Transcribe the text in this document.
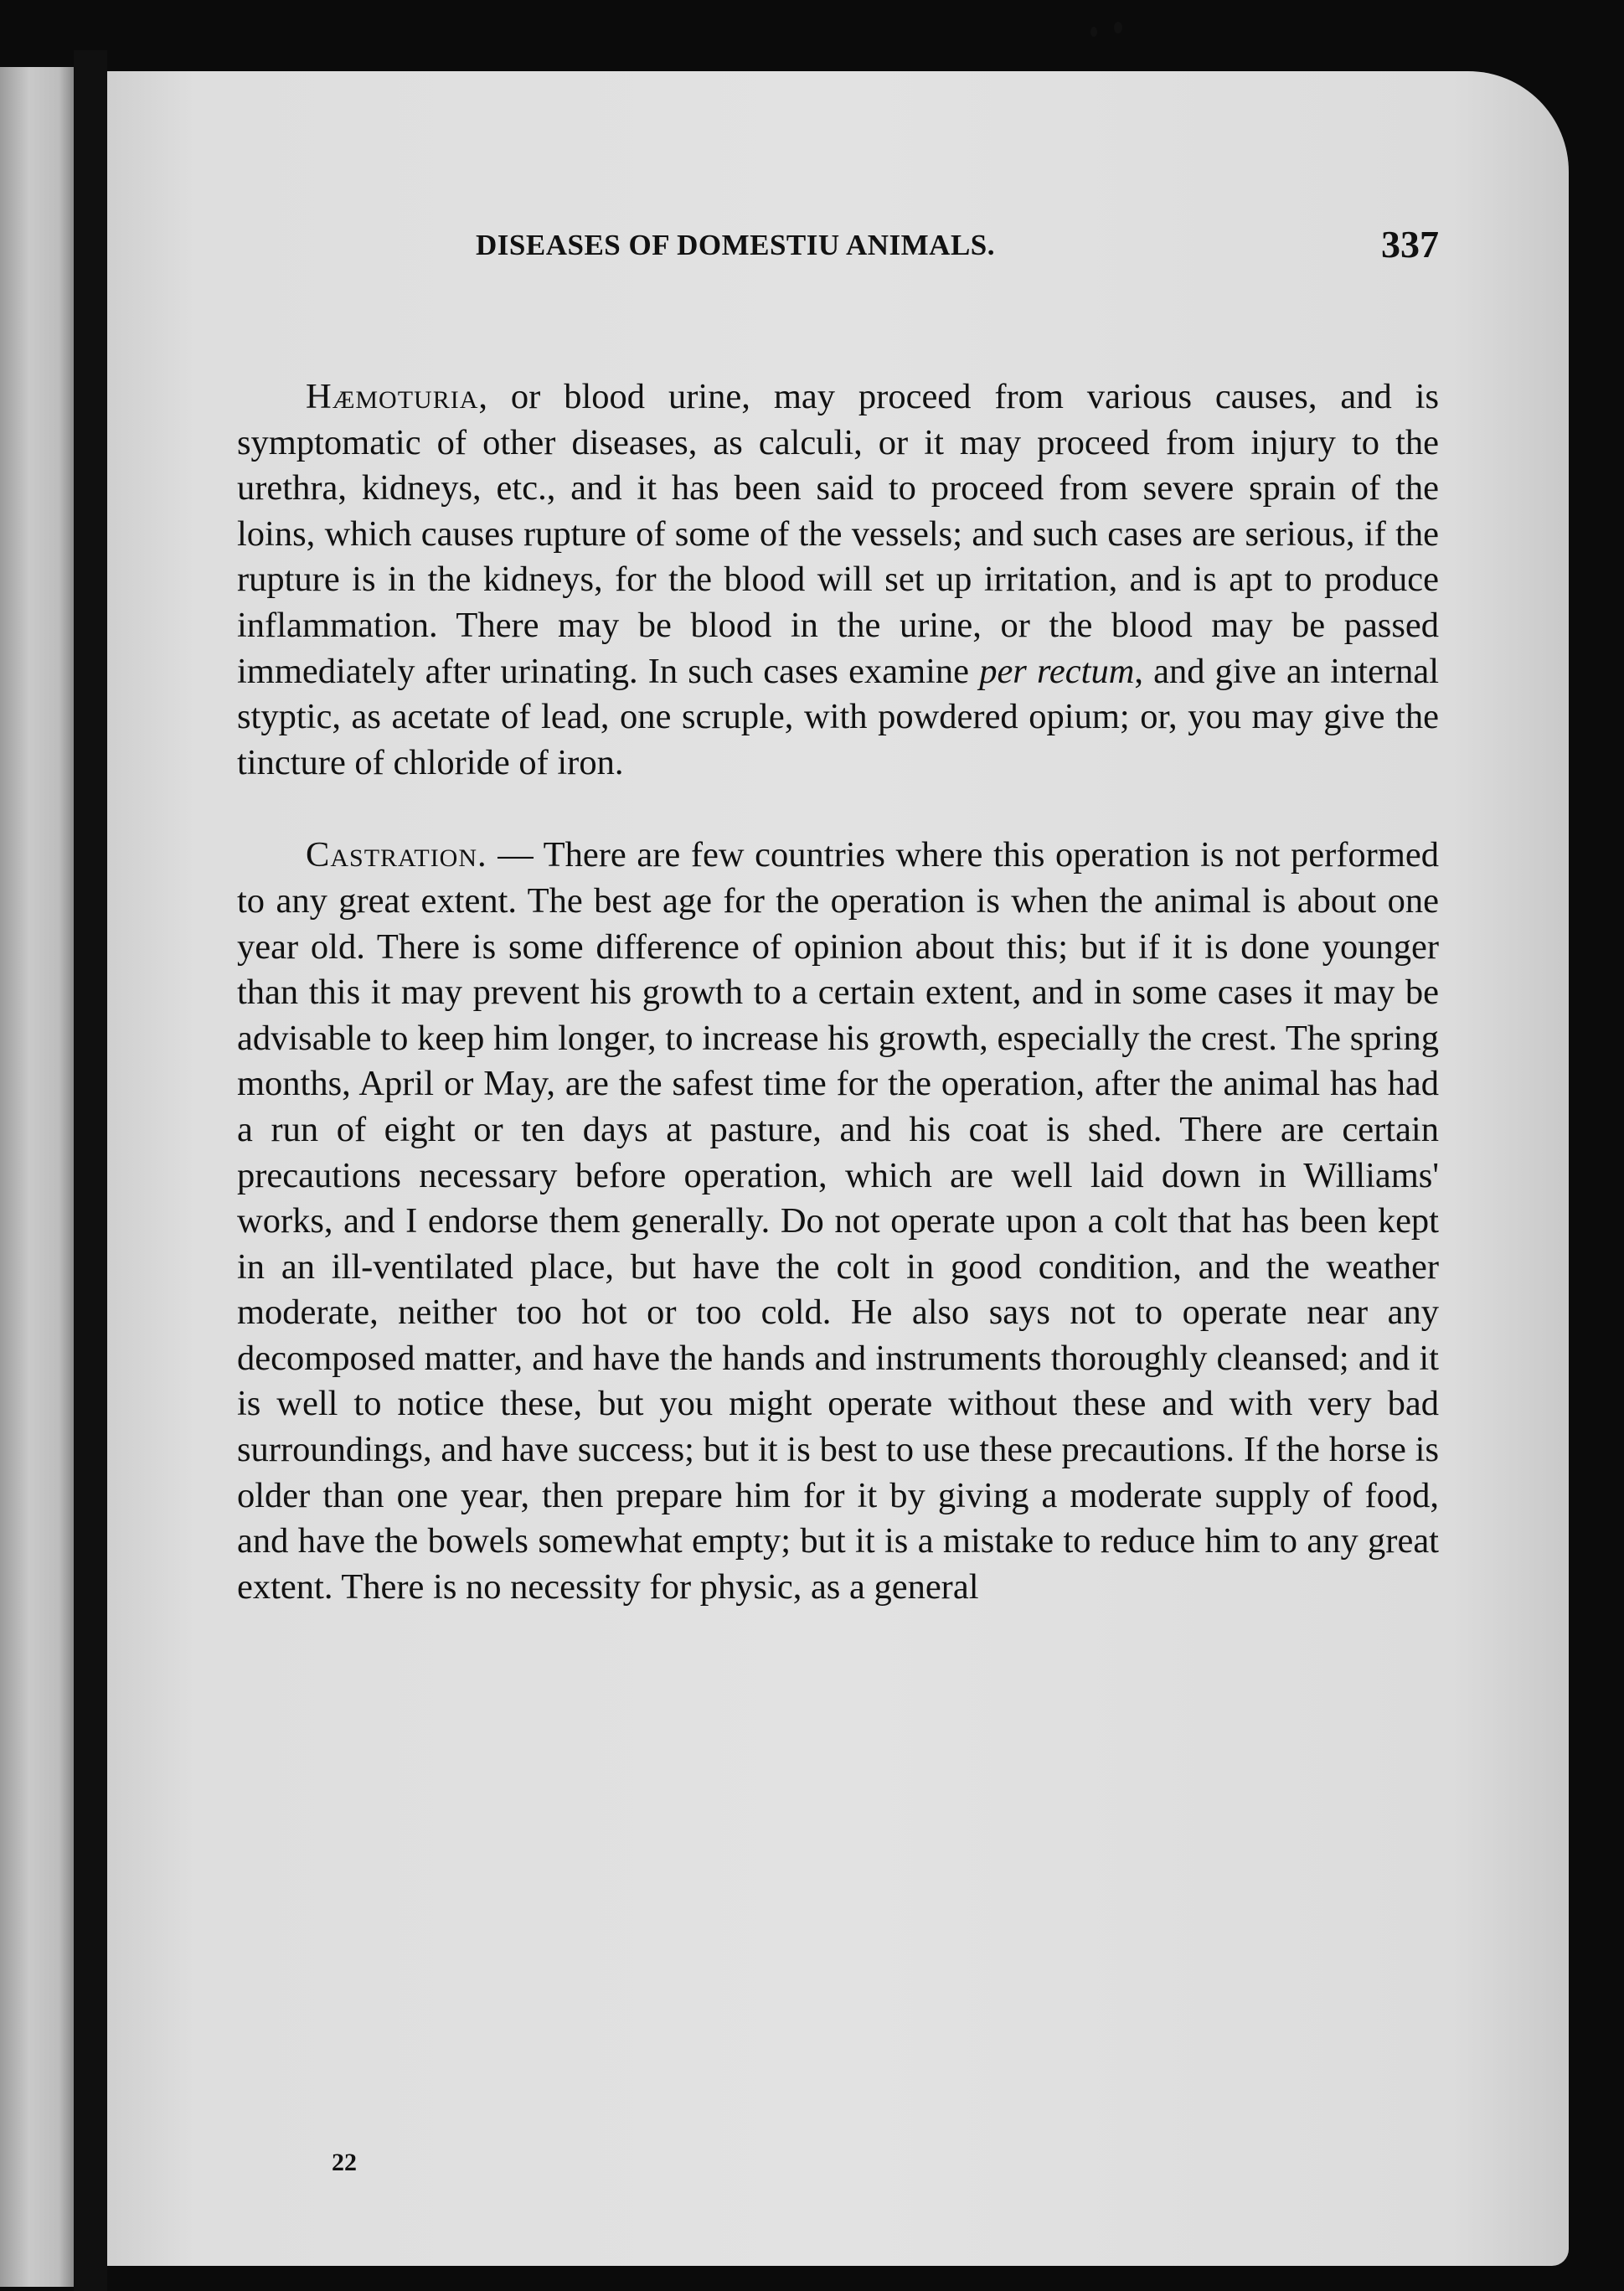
DISEASES OF DOMESTIU ANIMALS.	337

Hæmoturia, or blood urine, may proceed from various causes, and is symptomatic of other diseases, as calculi, or it may proceed from injury to the urethra, kidneys, etc., and it has been said to proceed from severe sprain of the loins, which causes rupture of some of the vessels; and such cases are serious, if the rupture is in the kidneys, for the blood will set up irritation, and is apt to produce inflammation. There may be blood in the urine, or the blood may be passed immediately after urinating. In such cases examine per rectum, and give an internal styptic, as acetate of lead, one scruple, with powdered opium; or, you may give the tincture of chloride of iron.

Castration. — There are few countries where this operation is not performed to any great extent. The best age for the operation is when the animal is about one year old. There is some difference of opinion about this; but if it is done younger than this it may prevent his growth to a certain extent, and in some cases it may be advisable to keep him longer, to increase his growth, especially the crest. The spring months, April or May, are the safest time for the operation, after the animal has had a run of eight or ten days at pasture, and his coat is shed. There are certain precautions necessary before operation, which are well laid down in Williams' works, and I endorse them generally. Do not operate upon a colt that has been kept in an ill-ventilated place, but have the colt in good condition, and the weather moderate, neither too hot or too cold. He also says not to operate near any decomposed matter, and have the hands and instruments thoroughly cleansed; and it is well to notice these, but you might operate without these and with very bad surroundings, and have success; but it is best to use these precautions. If the horse is older than one year, then prepare him for it by giving a moderate supply of food, and have the bowels somewhat empty; but it is a mistake to reduce him to any great extent. There is no necessity for physic, as a general

22
